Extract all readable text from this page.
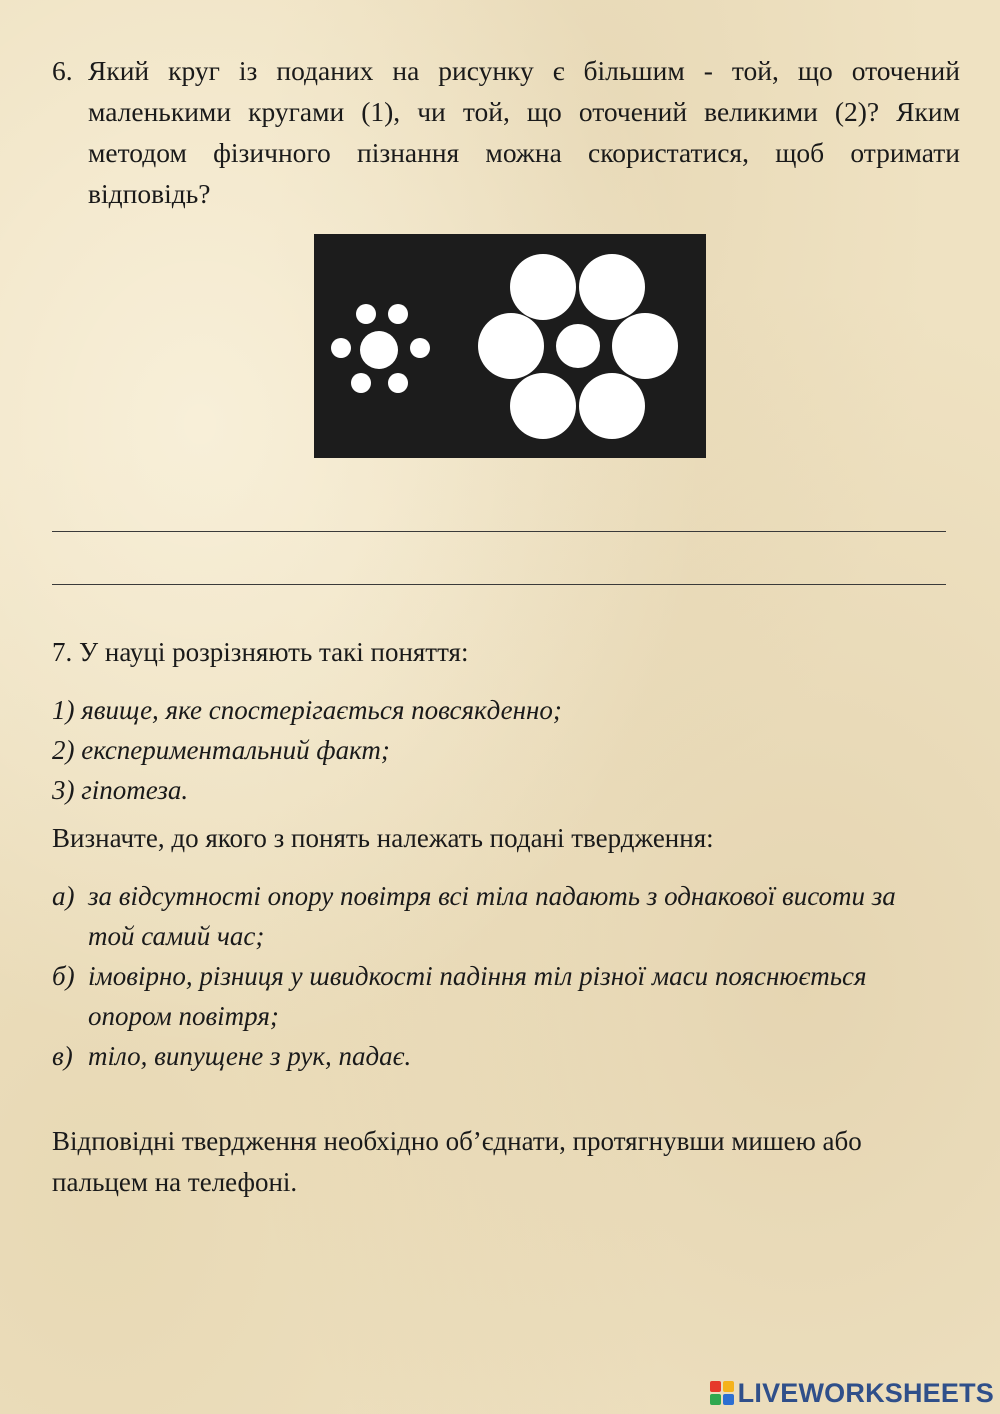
6. Який круг із поданих на рисунку є більшим - той, що оточений маленькими кругами (1), чи той, що оточений великими (2)? Яким методом фізичного пізнання можна скористатися, щоб отримати відповідь?
7. У науці розрізняють такі поняття:
1) явище, яке спостерігається повсякденно;
2) експериментальний факт;
3) гіпотеза.
Визначте, до якого з понять належать подані твердження:
а) за відсутності опору повітря всі тіла падають з однакової висоти за той самий час;
б) імовірно, різниця у швидкості падіння тіл різної маси пояснюється опором повітря;
в) тіло, випущене з рук, падає.
Відповідні твердження необхідно об’єднати, протягнувши мишею або пальцем на телефоні.
LIVEWORKSHEETS
